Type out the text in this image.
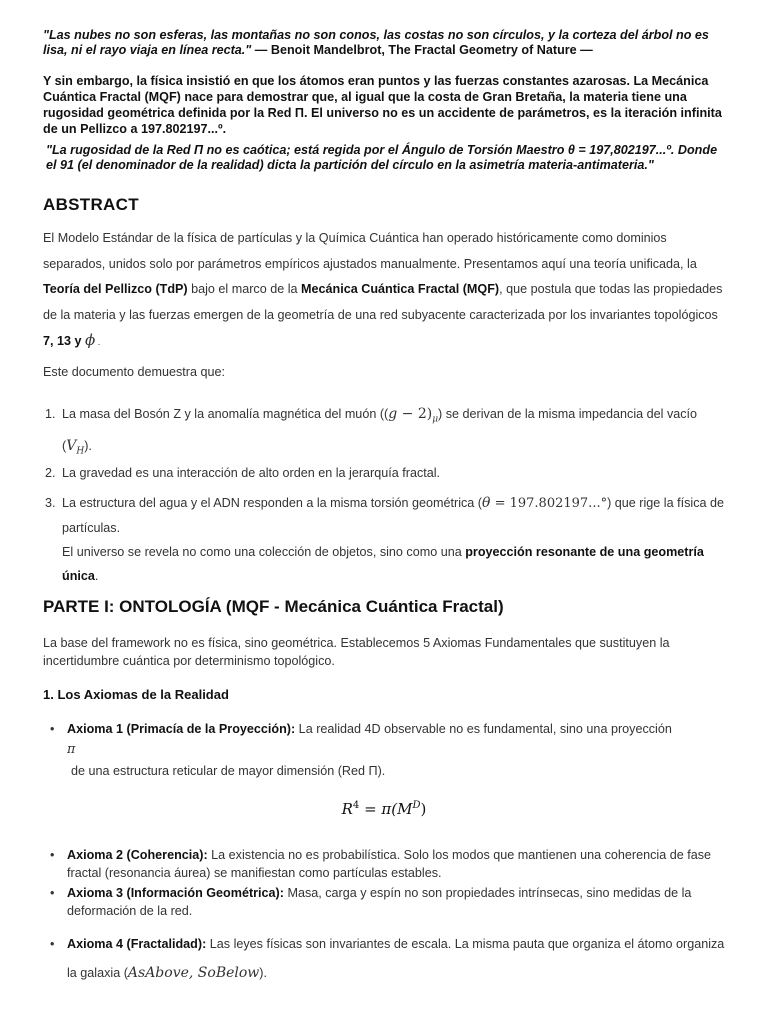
"Las nubes no son esferas, las montañas no son conos, las costas no son círculos, y la corteza del árbol no es lisa, ni el rayo viaja en línea recta." — Benoit Mandelbrot, The Fractal Geometry of Nature —
Y sin embargo, la física insistió en que los átomos eran puntos y las fuerzas constantes azarosas. La Mecánica Cuántica Fractal (MQF) nace para demostrar que, al igual que la costa de Gran Bretaña, la materia tiene una rugosidad geométrica definida por la Red Π. El universo no es un accidente de parámetros, es la iteración infinita de un Pellizco a 197.802197...º.
"La rugosidad de la Red Π no es caótica; está regida por el Ángulo de Torsión Maestro θ = 197,802197...º. Donde el 91 (el denominador de la realidad) dicta la partición del círculo en la asimetría materia-antimateria."
ABSTRACT
El Modelo Estándar de la física de partículas y la Química Cuántica han operado históricamente como dominios separados, unidos solo por parámetros empíricos ajustados manualmente. Presentamos aquí una teoría unificada, la Teoría del Pellizco (TdP) bajo el marco de la Mecánica Cuántica Fractal (MQF), que postula que todas las propiedades de la materia y las fuerzas emergen de la geometría de una red subyacente caracterizada por los invariantes topológicos 7, 13 y ϕ .
Este documento demuestra que:
1. La masa del Bosón Z y la anomalía magnética del muón $((g - 2)_\mu)$ se derivan de la misma impedancia del vacío $(V_H)$.
2. La gravedad es una interacción de alto orden en la jerarquía fractal.
3. La estructura del agua y el ADN responden a la misma torsión geométrica (θ = 197.802197...°) que rige la física de partículas.
El universo se revela no como una colección de objetos, sino como una proyección resonante de una geometría única.
PARTE I: ONTOLOGÍA (MQF - Mecánica Cuántica Fractal)
La base del framework no es física, sino geométrica. Establecemos 5 Axiomas Fundamentales que sustituyen la incertidumbre cuántica por determinismo topológico.
1. Los Axiomas de la Realidad
• Axioma 1 (Primacía de la Proyección): La realidad 4D observable no es fundamental, sino una proyección
π
de una estructura reticular de mayor dimensión (Red Π).
$R^4 = \pi(M^D)$
• Axioma 2 (Coherencia): La existencia no es probabilística. Solo los modos que mantienen una coherencia de fase fractal (resonancia áurea) se manifiestan como partículas estables.
• Axioma 3 (Información Geométrica): Masa, carga y espín no son propiedades intrínsecas, sino medidas de la deformación de la red.
• Axioma 4 (Fractalidad): Las leyes físicas son invariantes de escala. La misma pauta que organiza el átomo organiza la galaxia (AsAbove, SoBelow).
